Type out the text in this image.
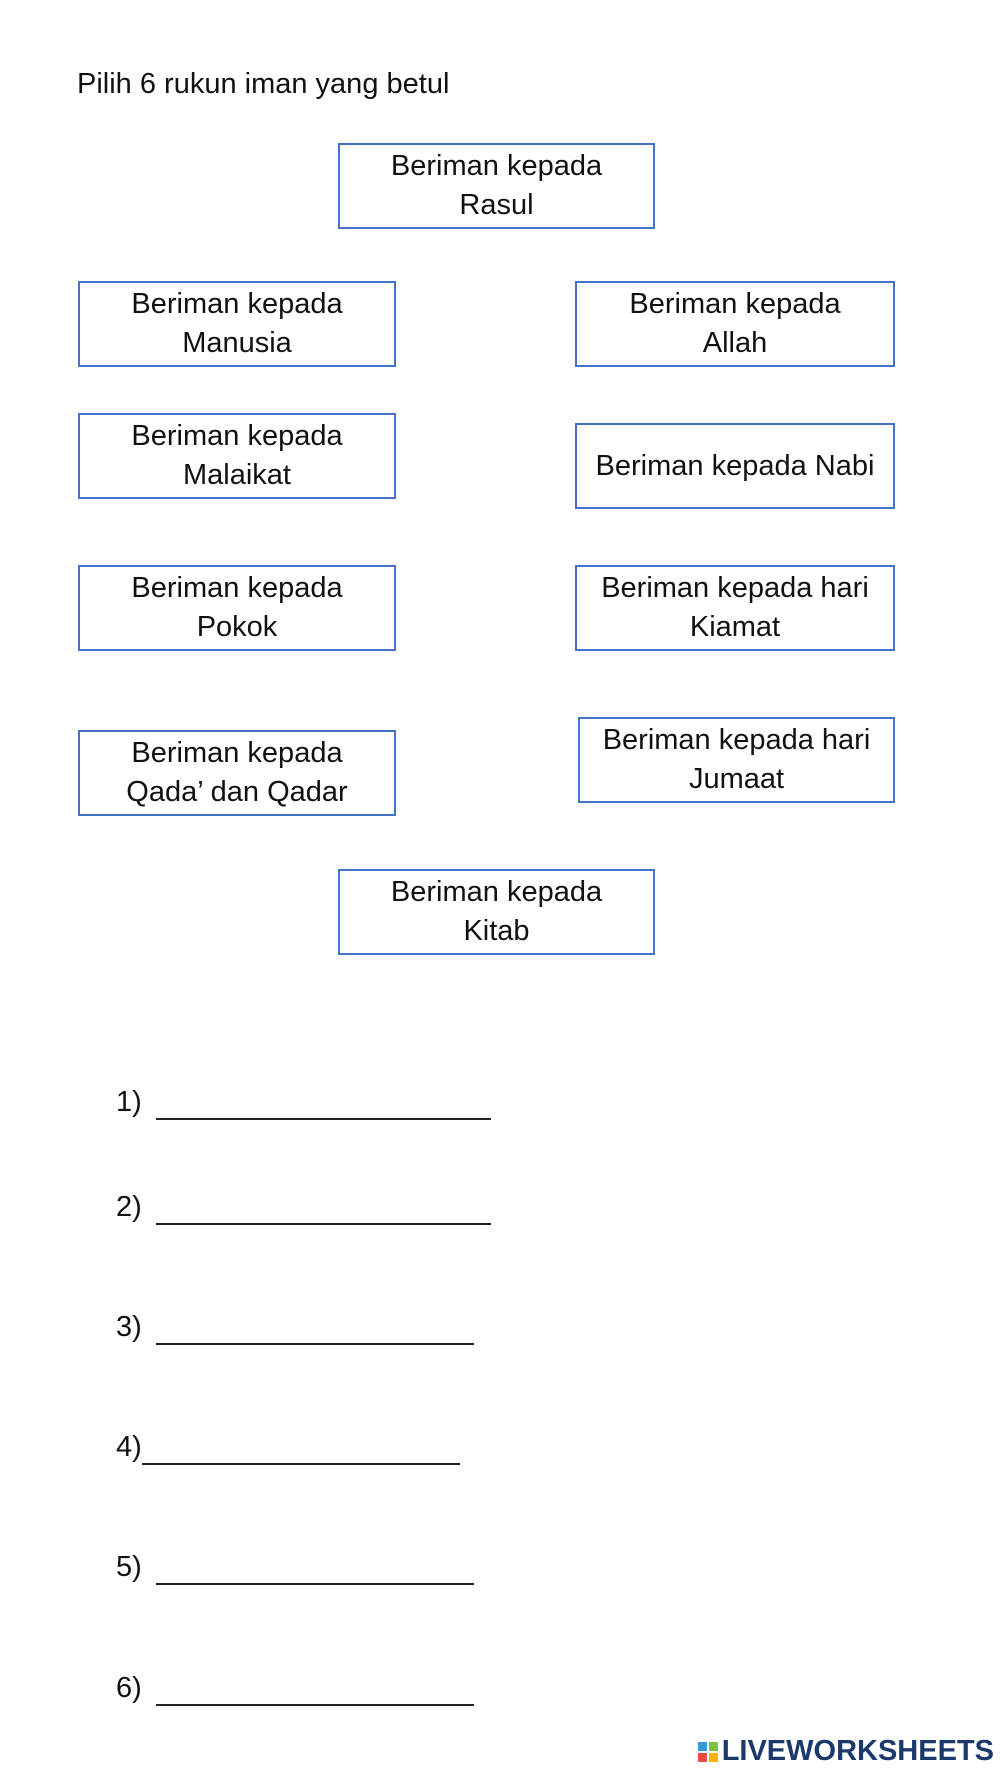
Pilih 6 rukun iman yang betul
Beriman kepada
Rasul
Beriman kepada
Manusia
Beriman kepada
Allah
Beriman kepada
Malaikat	Beriman kepada Nabi
Beriman kepada
Pokok
Beriman kepada hari
Kiamat
Beriman kepada
Qada’ dan Qadar
Beriman kepada hari
Jumaat
Beriman kepada
Kitab
1)
2)
3)
4)
5)
6)
LIVEWORKSHEETS
